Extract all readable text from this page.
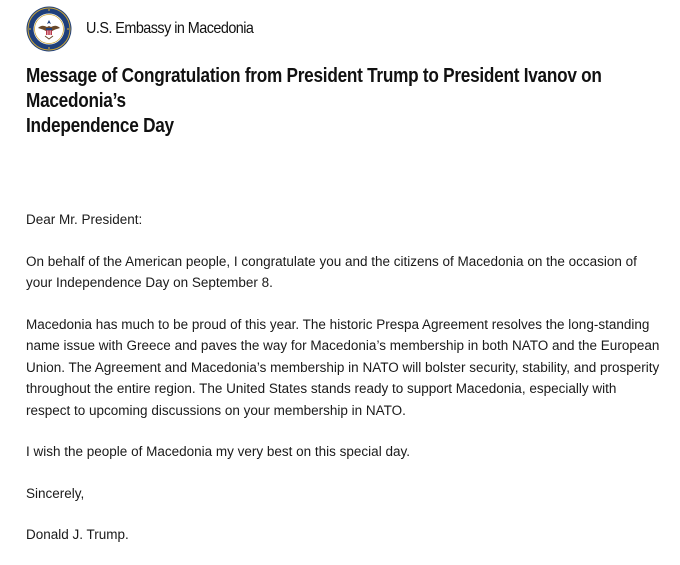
U.S. Embassy in Macedonia
Message of Congratulation from President Trump to President Ivanov on Macedonia’s
Independence Day

Dear Mr. President:

On behalf of the American people, I congratulate you and the citizens of Macedonia on the occasion of
your Independence Day on September 8.

Macedonia has much to be proud of this year. The historic Prespa Agreement resolves the long-standing
name issue with Greece and paves the way for Macedonia’s membership in both NATO and the European
Union. The Agreement and Macedonia’s membership in NATO will bolster security, stability, and prosperity
throughout the entire region. The United States stands ready to support Macedonia, especially with
respect to upcoming discussions on your membership in NATO.

I wish the people of Macedonia my very best on this special day.

Sincerely,

Donald J. Trump.
